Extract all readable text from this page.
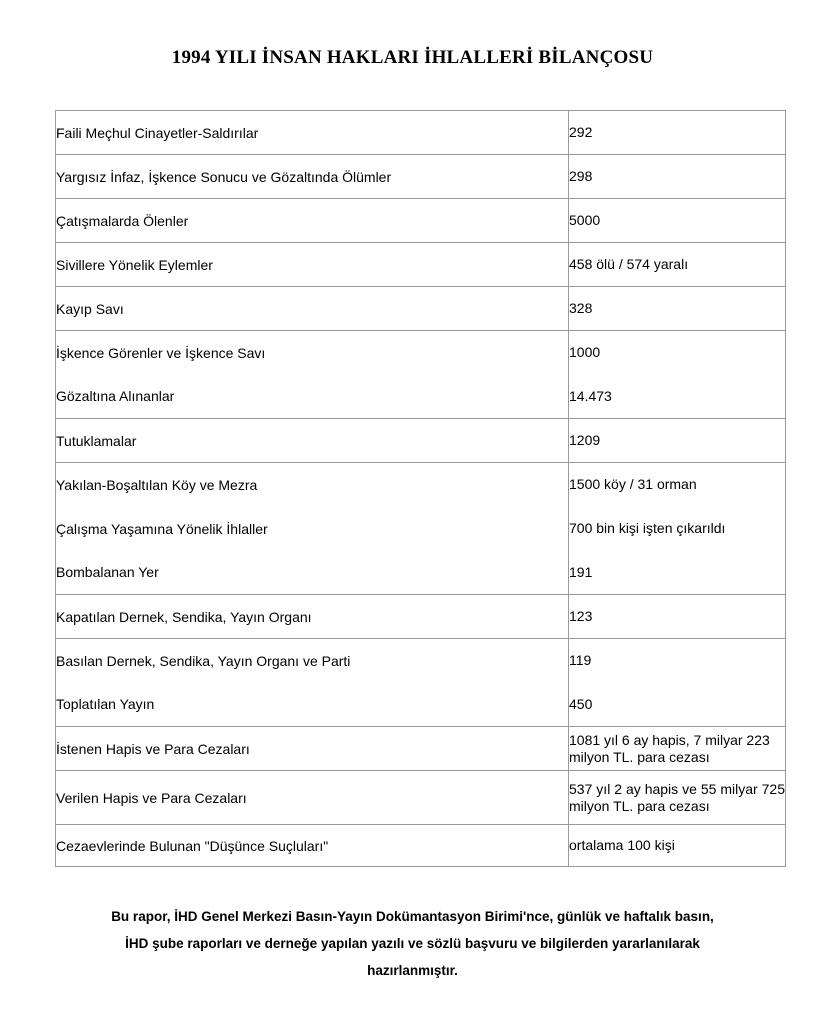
1994 YILI İNSAN HAKLARI İHLALLERİ BİLANÇOSU
Faili Meçhul Cinayetler-Saldırılar	292
Yargısız İnfaz, İşkence Sonucu ve Gözaltında Ölümler	298
Çatışmalarda Ölenler	5000
Sivillere Yönelik Eylemler	458 ölü / 574 yaralı
Kayıp Savı	328
İşkence Görenler ve İşkence Savı	1000
Gözaltına Alınanlar	14.473
Tutuklamalar	1209
Yakılan-Boşaltılan Köy ve Mezra	1500 köy / 31 orman
Çalışma Yaşamına Yönelik İhlaller	700 bin kişi işten çıkarıldı
Bombalanan Yer	191
Kapatılan Dernek, Sendika, Yayın Organı	123
Basılan Dernek, Sendika, Yayın Organı ve Parti	119
Toplatılan Yayın	450
İstenen Hapis ve Para Cezaları	1081 yıl 6 ay hapis, 7 milyar 223 milyon TL. para cezası
Verilen Hapis ve Para Cezaları	537 yıl 2 ay hapis ve 55 milyar 725 milyon TL. para cezası
Cezaevlerinde Bulunan "Düşünce Suçluları"	ortalama 100 kişi
Bu rapor, İHD Genel Merkezi Basın-Yayın Dokümantasyon Birimi'nce, günlük ve haftalık basın,
İHD şube raporları ve derneğe yapılan yazılı ve sözlü başvuru ve bilgilerden yararlanılarak
hazırlanmıştır.
